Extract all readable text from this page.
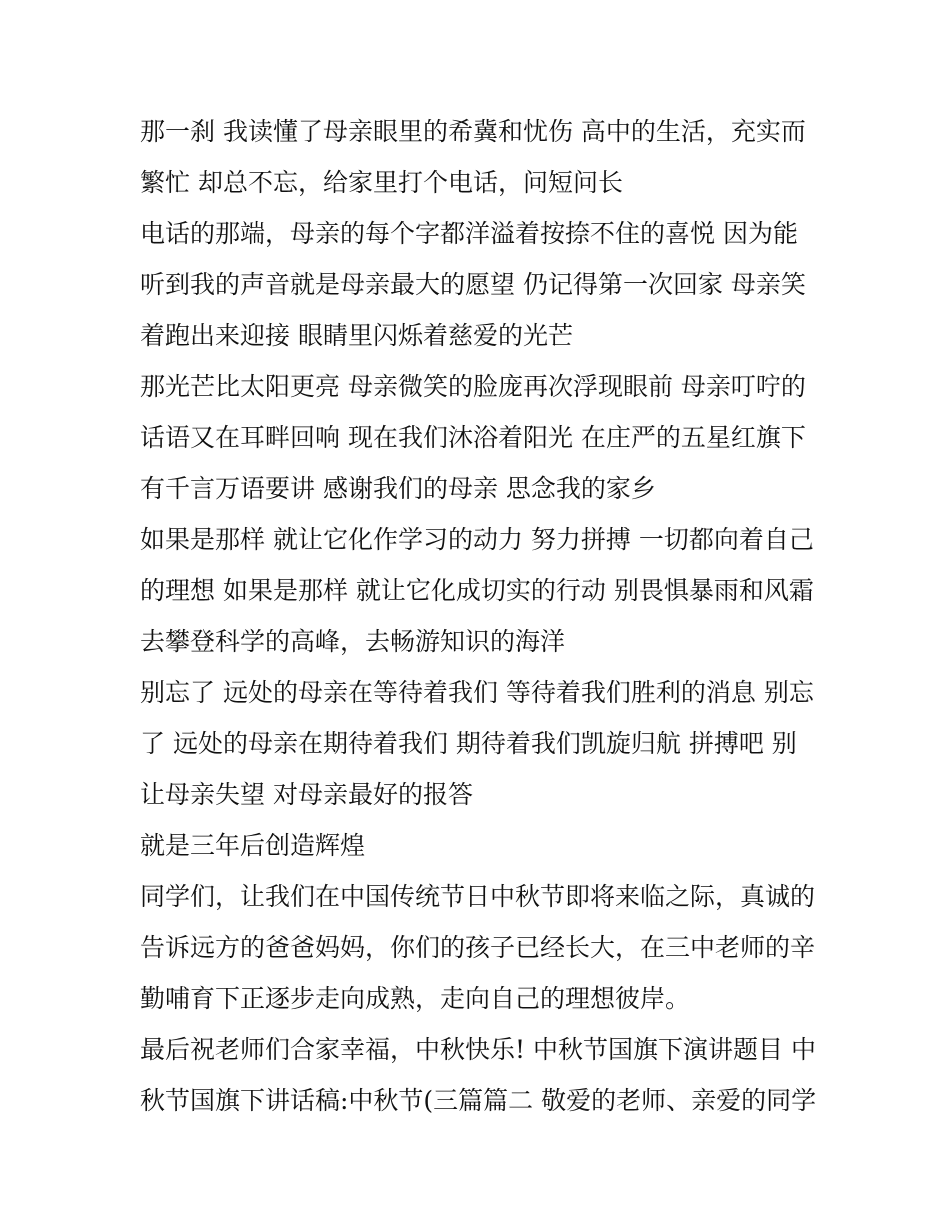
那一刹 我读懂了母亲眼里的希冀和忧伤 高中的生活，充实而
繁忙 却总不忘，给家里打个电话，问短问长
电话的那端，母亲的每个字都洋溢着按捺不住的喜悦 因为能
听到我的声音就是母亲最大的愿望 仍记得第一次回家 母亲笑
着跑出来迎接 眼睛里闪烁着慈爱的光芒
那光芒比太阳更亮 母亲微笑的脸庞再次浮现眼前 母亲叮咛的
话语又在耳畔回响 现在我们沐浴着阳光 在庄严的五星红旗下
有千言万语要讲 感谢我们的母亲 思念我的家乡
如果是那样 就让它化作学习的动力 努力拼搏 一切都向着自己
的理想 如果是那样 就让它化成切实的行动 别畏惧暴雨和风霜
去攀登科学的高峰，去畅游知识的海洋
别忘了 远处的母亲在等待着我们 等待着我们胜利的消息 别忘
了 远处的母亲在期待着我们 期待着我们凯旋归航 拼搏吧 别
让母亲失望 对母亲最好的报答
就是三年后创造辉煌
同学们，让我们在中国传统节日中秋节即将来临之际，真诚的
告诉远方的爸爸妈妈，你们的孩子已经长大，在三中老师的辛
勤哺育下正逐步走向成熟，走向自己的理想彼岸。
最后祝老师们合家幸福，中秋快乐! 中秋节国旗下演讲题目 中
秋节国旗下讲话稿:中秋节(三篇篇二 敬爱的老师、亲爱的同学
